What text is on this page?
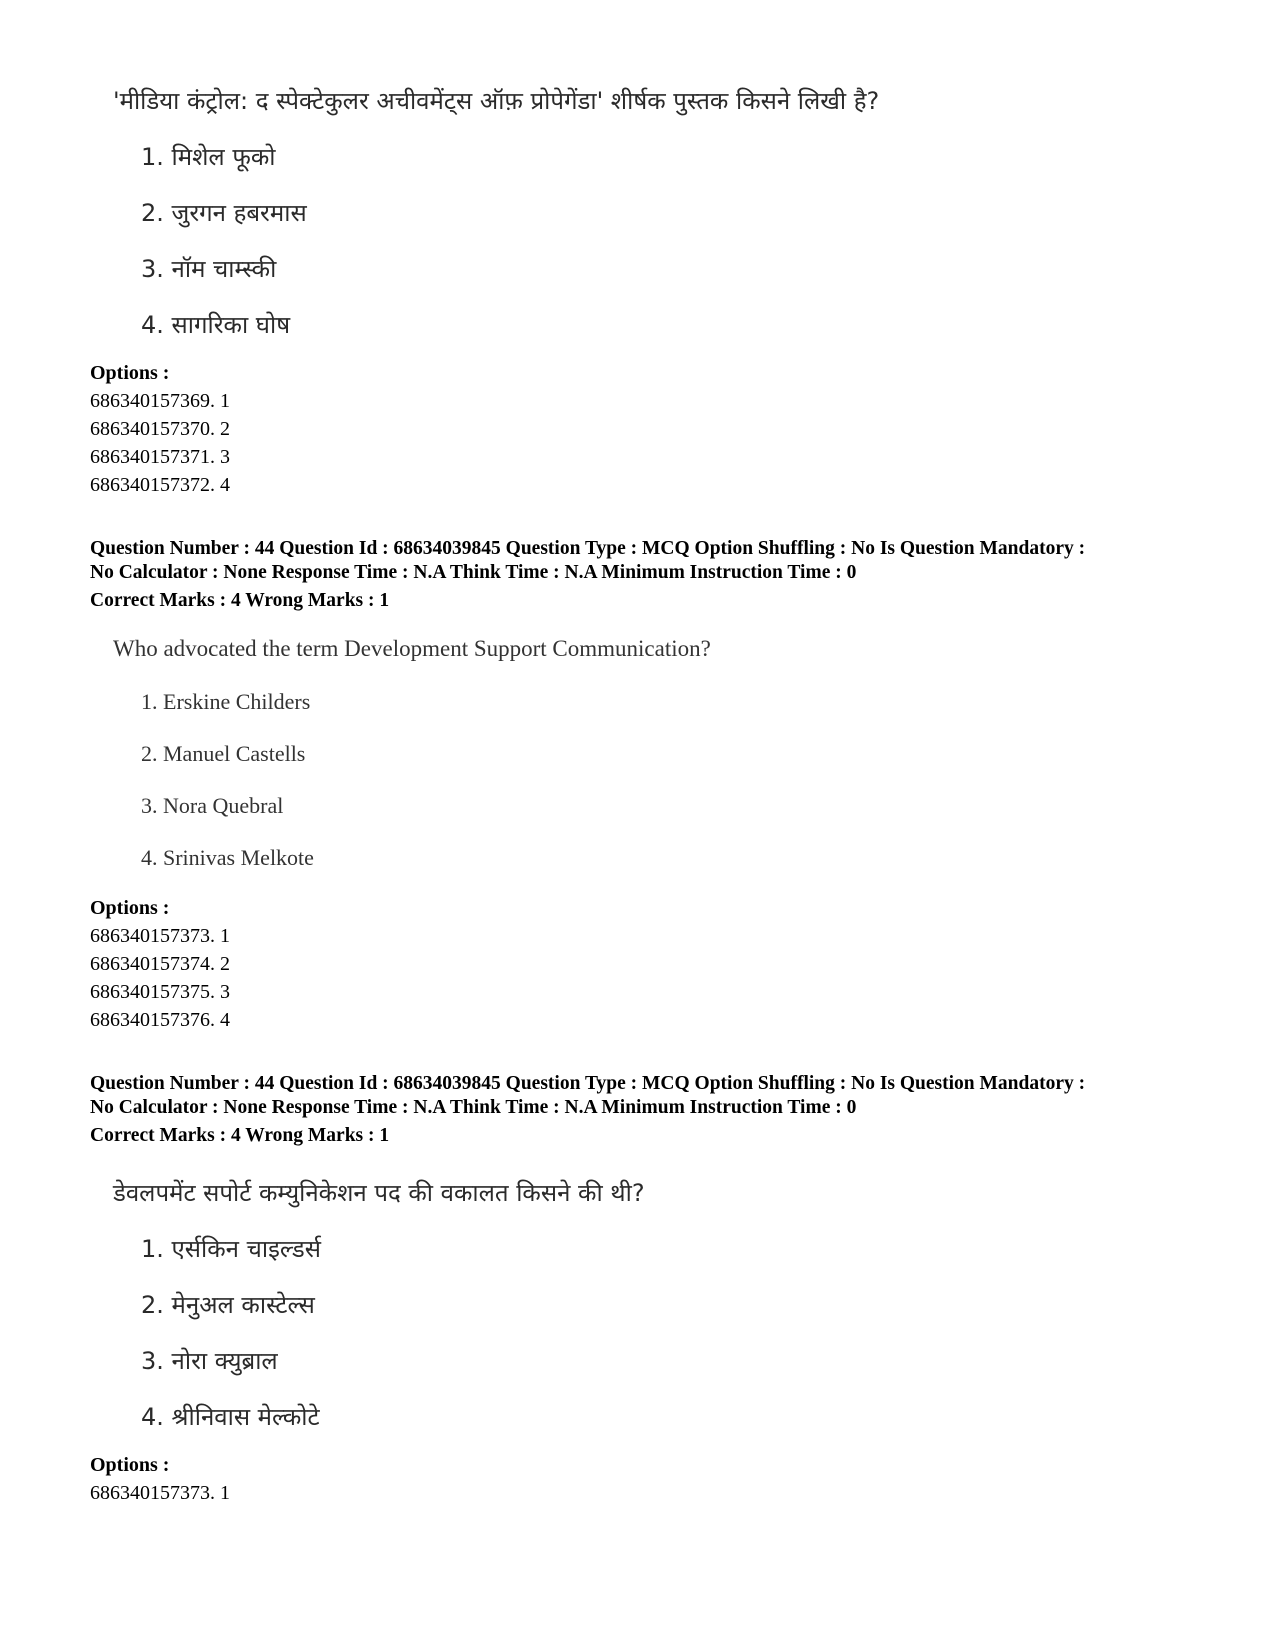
'मीडिया कंट्रोल: द स्पेक्टेकुलर अचीवमेंट्स ऑफ़ प्रोपेगेंडा' शीर्षक पुस्तक किसने लिखी है?
1. मिशेल फूको
2. जुरगन हबरमास
3. नॉम चाम्स्की
4. सागरिका घोष
Options :
686340157369. 1
686340157370. 2
686340157371. 3
686340157372. 4
Question Number : 44 Question Id : 68634039845 Question Type : MCQ Option Shuffling : No Is Question Mandatory :
No Calculator : None Response Time : N.A Think Time : N.A Minimum Instruction Time : 0
Correct Marks : 4 Wrong Marks : 1
Who advocated the term Development Support Communication?
1. Erskine Childers
2. Manuel Castells
3. Nora Quebral
4. Srinivas Melkote
Options :
686340157373. 1
686340157374. 2
686340157375. 3
686340157376. 4
Question Number : 44 Question Id : 68634039845 Question Type : MCQ Option Shuffling : No Is Question Mandatory :
No Calculator : None Response Time : N.A Think Time : N.A Minimum Instruction Time : 0
Correct Marks : 4 Wrong Marks : 1
डेवलपमेंट सपोर्ट कम्युनिकेशन पद की वकालत किसने की थी?
1. एर्सकिन चाइल्डर्स
2. मेनुअल कास्टेल्स
3. नोरा क्युब्राल
4. श्रीनिवास मेल्कोटे
Options :
686340157373. 1
